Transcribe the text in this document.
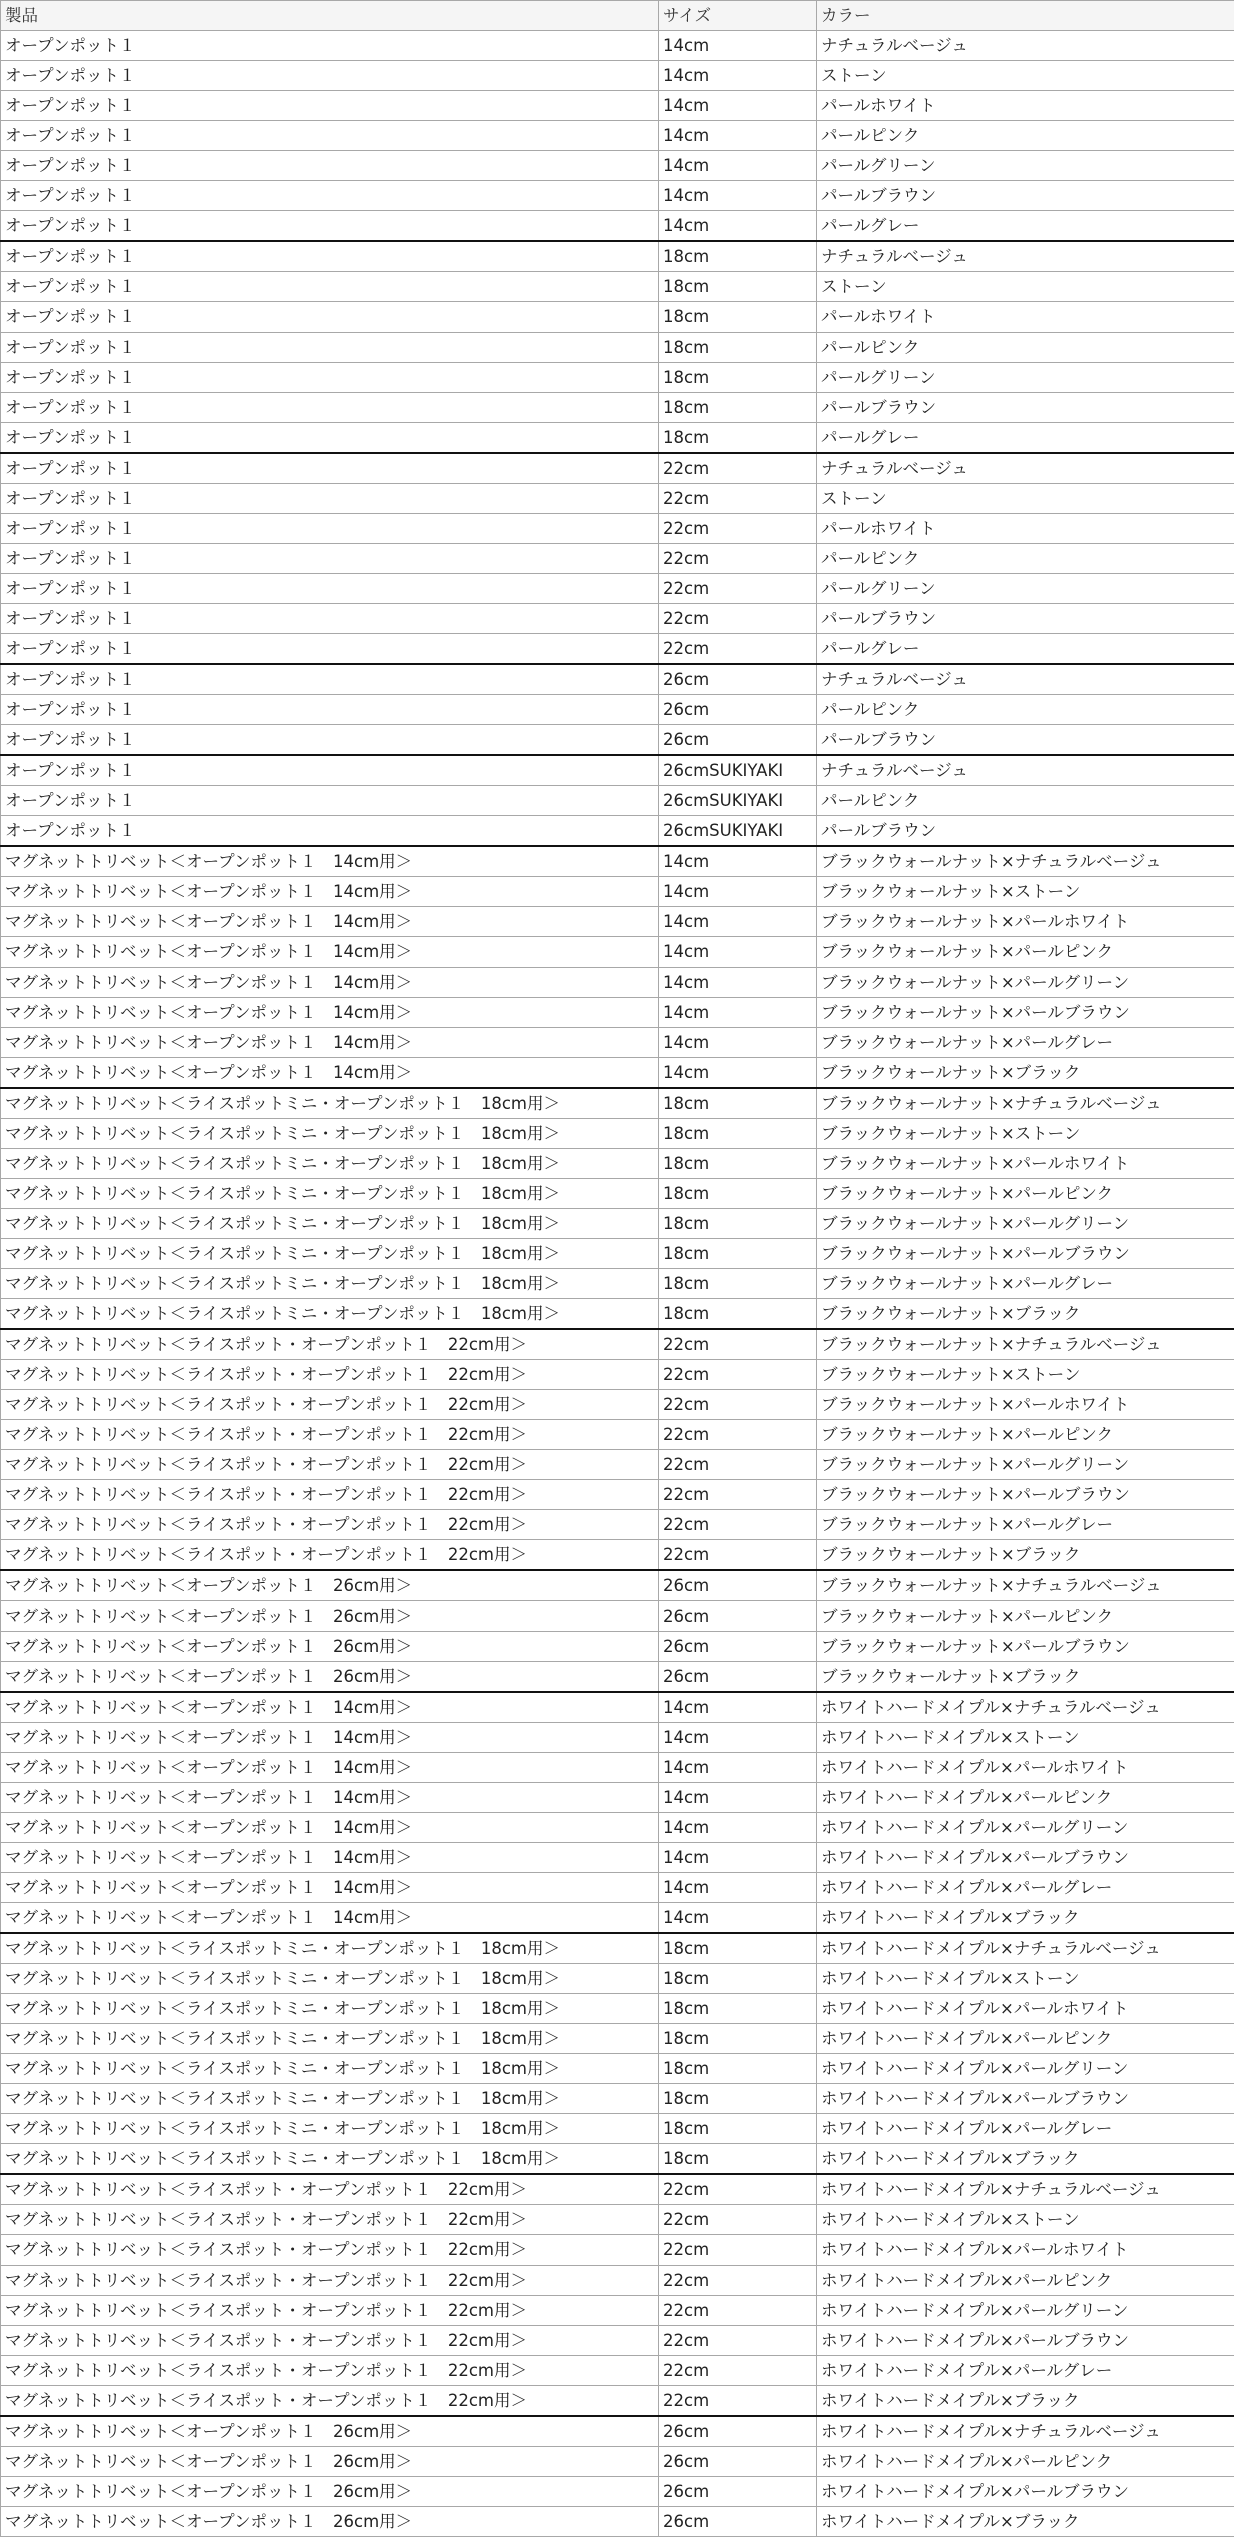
製品	サイズ	カラー
オープンポット１	14cm	ナチュラルベージュ
オープンポット１	14cm	ストーン
オープンポット１	14cm	パールホワイト
オープンポット１	14cm	パールピンク
オープンポット１	14cm	パールグリーン
オープンポット１	14cm	パールブラウン
オープンポット１	14cm	パールグレー
オープンポット１	18cm	ナチュラルベージュ
オープンポット１	18cm	ストーン
オープンポット１	18cm	パールホワイト
オープンポット１	18cm	パールピンク
オープンポット１	18cm	パールグリーン
オープンポット１	18cm	パールブラウン
オープンポット１	18cm	パールグレー
オープンポット１	22cm	ナチュラルベージュ
オープンポット１	22cm	ストーン
オープンポット１	22cm	パールホワイト
オープンポット１	22cm	パールピンク
オープンポット１	22cm	パールグリーン
オープンポット１	22cm	パールブラウン
オープンポット１	22cm	パールグレー
オープンポット１	26cm	ナチュラルベージュ
オープンポット１	26cm	パールピンク
オープンポット１	26cm	パールブラウン
オープンポット１	26cmSUKIYAKI	ナチュラルベージュ
オープンポット１	26cmSUKIYAKI	パールピンク
オープンポット１	26cmSUKIYAKI	パールブラウン
マグネットトリベット＜オープンポット１　14cm用＞	14cm	ブラックウォールナット×ナチュラルベージュ
マグネットトリベット＜オープンポット１　14cm用＞	14cm	ブラックウォールナット×ストーン
マグネットトリベット＜オープンポット１　14cm用＞	14cm	ブラックウォールナット×パールホワイト
マグネットトリベット＜オープンポット１　14cm用＞	14cm	ブラックウォールナット×パールピンク
マグネットトリベット＜オープンポット１　14cm用＞	14cm	ブラックウォールナット×パールグリーン
マグネットトリベット＜オープンポット１　14cm用＞	14cm	ブラックウォールナット×パールブラウン
マグネットトリベット＜オープンポット１　14cm用＞	14cm	ブラックウォールナット×パールグレー
マグネットトリベット＜オープンポット１　14cm用＞	14cm	ブラックウォールナット×ブラック
マグネットトリベット＜ライスポットミニ・オープンポット１　18cm用＞	18cm	ブラックウォールナット×ナチュラルベージュ
マグネットトリベット＜ライスポットミニ・オープンポット１　18cm用＞	18cm	ブラックウォールナット×ストーン
マグネットトリベット＜ライスポットミニ・オープンポット１　18cm用＞	18cm	ブラックウォールナット×パールホワイト
マグネットトリベット＜ライスポットミニ・オープンポット１　18cm用＞	18cm	ブラックウォールナット×パールピンク
マグネットトリベット＜ライスポットミニ・オープンポット１　18cm用＞	18cm	ブラックウォールナット×パールグリーン
マグネットトリベット＜ライスポットミニ・オープンポット１　18cm用＞	18cm	ブラックウォールナット×パールブラウン
マグネットトリベット＜ライスポットミニ・オープンポット１　18cm用＞	18cm	ブラックウォールナット×パールグレー
マグネットトリベット＜ライスポットミニ・オープンポット１　18cm用＞	18cm	ブラックウォールナット×ブラック
マグネットトリベット＜ライスポット・オープンポット１　22cm用＞	22cm	ブラックウォールナット×ナチュラルベージュ
マグネットトリベット＜ライスポット・オープンポット１　22cm用＞	22cm	ブラックウォールナット×ストーン
マグネットトリベット＜ライスポット・オープンポット１　22cm用＞	22cm	ブラックウォールナット×パールホワイト
マグネットトリベット＜ライスポット・オープンポット１　22cm用＞	22cm	ブラックウォールナット×パールピンク
マグネットトリベット＜ライスポット・オープンポット１　22cm用＞	22cm	ブラックウォールナット×パールグリーン
マグネットトリベット＜ライスポット・オープンポット１　22cm用＞	22cm	ブラックウォールナット×パールブラウン
マグネットトリベット＜ライスポット・オープンポット１　22cm用＞	22cm	ブラックウォールナット×パールグレー
マグネットトリベット＜ライスポット・オープンポット１　22cm用＞	22cm	ブラックウォールナット×ブラック
マグネットトリベット＜オープンポット１　26cm用＞	26cm	ブラックウォールナット×ナチュラルベージュ
マグネットトリベット＜オープンポット１　26cm用＞	26cm	ブラックウォールナット×パールピンク
マグネットトリベット＜オープンポット１　26cm用＞	26cm	ブラックウォールナット×パールブラウン
マグネットトリベット＜オープンポット１　26cm用＞	26cm	ブラックウォールナット×ブラック
マグネットトリベット＜オープンポット１　14cm用＞	14cm	ホワイトハードメイプル×ナチュラルベージュ
マグネットトリベット＜オープンポット１　14cm用＞	14cm	ホワイトハードメイプル×ストーン
マグネットトリベット＜オープンポット１　14cm用＞	14cm	ホワイトハードメイプル×パールホワイト
マグネットトリベット＜オープンポット１　14cm用＞	14cm	ホワイトハードメイプル×パールピンク
マグネットトリベット＜オープンポット１　14cm用＞	14cm	ホワイトハードメイプル×パールグリーン
マグネットトリベット＜オープンポット１　14cm用＞	14cm	ホワイトハードメイプル×パールブラウン
マグネットトリベット＜オープンポット１　14cm用＞	14cm	ホワイトハードメイプル×パールグレー
マグネットトリベット＜オープンポット１　14cm用＞	14cm	ホワイトハードメイプル×ブラック
マグネットトリベット＜ライスポットミニ・オープンポット１　18cm用＞	18cm	ホワイトハードメイプル×ナチュラルベージュ
マグネットトリベット＜ライスポットミニ・オープンポット１　18cm用＞	18cm	ホワイトハードメイプル×ストーン
マグネットトリベット＜ライスポットミニ・オープンポット１　18cm用＞	18cm	ホワイトハードメイプル×パールホワイト
マグネットトリベット＜ライスポットミニ・オープンポット１　18cm用＞	18cm	ホワイトハードメイプル×パールピンク
マグネットトリベット＜ライスポットミニ・オープンポット１　18cm用＞	18cm	ホワイトハードメイプル×パールグリーン
マグネットトリベット＜ライスポットミニ・オープンポット１　18cm用＞	18cm	ホワイトハードメイプル×パールブラウン
マグネットトリベット＜ライスポットミニ・オープンポット１　18cm用＞	18cm	ホワイトハードメイプル×パールグレー
マグネットトリベット＜ライスポットミニ・オープンポット１　18cm用＞	18cm	ホワイトハードメイプル×ブラック
マグネットトリベット＜ライスポット・オープンポット１　22cm用＞	22cm	ホワイトハードメイプル×ナチュラルベージュ
マグネットトリベット＜ライスポット・オープンポット１　22cm用＞	22cm	ホワイトハードメイプル×ストーン
マグネットトリベット＜ライスポット・オープンポット１　22cm用＞	22cm	ホワイトハードメイプル×パールホワイト
マグネットトリベット＜ライスポット・オープンポット１　22cm用＞	22cm	ホワイトハードメイプル×パールピンク
マグネットトリベット＜ライスポット・オープンポット１　22cm用＞	22cm	ホワイトハードメイプル×パールグリーン
マグネットトリベット＜ライスポット・オープンポット１　22cm用＞	22cm	ホワイトハードメイプル×パールブラウン
マグネットトリベット＜ライスポット・オープンポット１　22cm用＞	22cm	ホワイトハードメイプル×パールグレー
マグネットトリベット＜ライスポット・オープンポット１　22cm用＞	22cm	ホワイトハードメイプル×ブラック
マグネットトリベット＜オープンポット１　26cm用＞	26cm	ホワイトハードメイプル×ナチュラルベージュ
マグネットトリベット＜オープンポット１　26cm用＞	26cm	ホワイトハードメイプル×パールピンク
マグネットトリベット＜オープンポット１　26cm用＞	26cm	ホワイトハードメイプル×パールブラウン
マグネットトリベット＜オープンポット１　26cm用＞	26cm	ホワイトハードメイプル×ブラック
